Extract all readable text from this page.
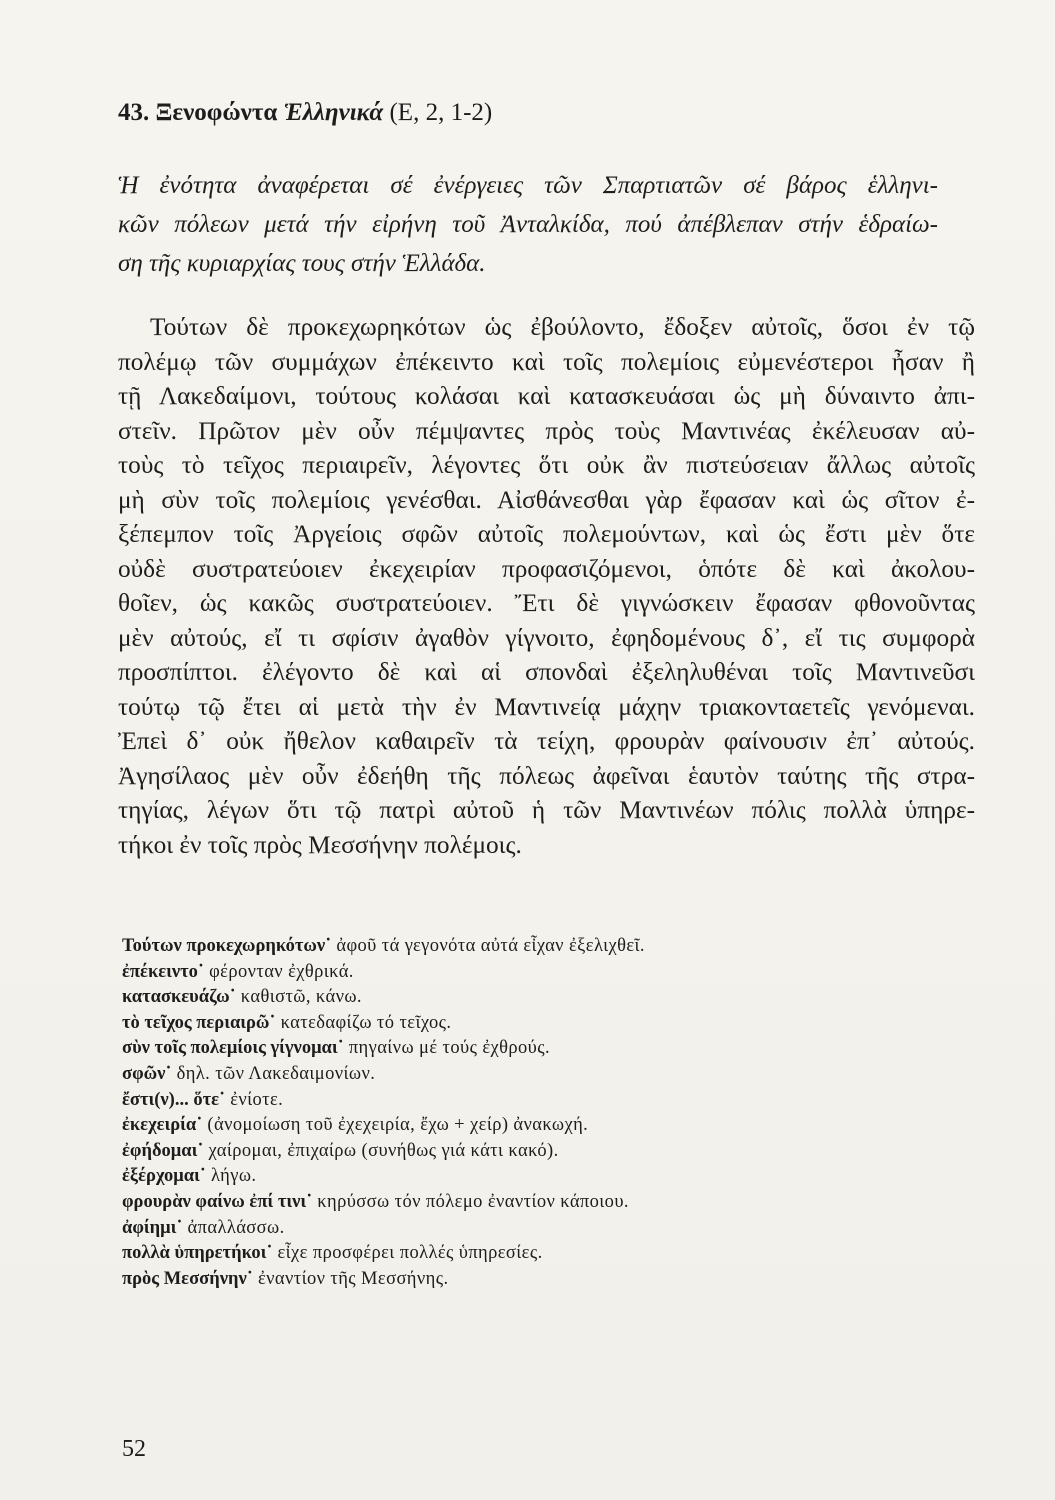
43. Ξενοφώντα Ἑλληνικά (Ε, 2, 1-2)
Ἡ ἐνότητα ἀναφέρεται σέ ἐνέργειες τῶν Σπαρτιατῶν σέ βάρος ἑλληνι-
κῶν πόλεων μετά τήν εἰρήνη τοῦ Ἀνταλκίδα, πού ἀπέβλεπαν στήν ἑδραίω-
ση τῆς κυριαρχίας τους στήν Ἑλλάδα.
Τούτων δὲ προκεχωρηκότων ὡς ἐβούλοντο, ἔδοξεν αὐτοῖς, ὅσοι ἐν τῷ
πολέμῳ τῶν συμμάχων ἐπέκειντο καὶ τοῖς πολεμίοις εὐμενέστεροι ἦσαν ἢ
τῇ Λακεδαίμονι, τούτους κολάσαι καὶ κατασκευάσαι ὡς μὴ δύναιντο ἀπι-
στεῖν. Πρῶτον μὲν οὖν πέμψαντες πρὸς τοὺς Μαντινέας ἐκέλευσαν αὐ-
τοὺς τὸ τεῖχος περιαιρεῖν, λέγοντες ὅτι οὐκ ἂν πιστεύσειαν ἄλλως αὐτοῖς
μὴ σὺν τοῖς πολεμίοις γενέσθαι. Αἰσθάνεσθαι γὰρ ἔφασαν καὶ ὡς σῖτον ἐ-
ξέπεμπον τοῖς Ἀργείοις σφῶν αὐτοῖς πολεμούντων, καὶ ὡς ἔστι μὲν ὅτε
οὐδὲ συστρατεύοιεν ἐκεχειρίαν προφασιζόμενοι, ὁπότε δὲ καὶ ἀκολου-
θοῖεν, ὡς κακῶς συστρατεύοιεν. Ἔτι δὲ γιγνώσκειν ἔφασαν φθονοῦντας
μὲν αὐτούς, εἴ τι σφίσιν ἀγαθὸν γίγνοιτο, ἐφηδομένους δ᾽, εἴ τις συμφορὰ
προσπίπτοι. ἐλέγοντο δὲ καὶ αἱ σπονδαὶ ἐξεληλυθέναι τοῖς Μαντινεῦσι
τούτῳ τῷ ἔτει αἱ μετὰ τὴν ἐν Μαντινείᾳ μάχην τριακονταετεῖς γενόμεναι.
Ἐπεὶ δ᾽ οὐκ ἤθελον καθαιρεῖν τὰ τείχη, φρουρὰν φαίνουσιν ἐπ᾽ αὐτούς.
Ἀγησίλαος μὲν οὖν ἐδεήθη τῆς πόλεως ἀφεῖναι ἑαυτὸν ταύτης τῆς στρα-
τηγίας, λέγων ὅτι τῷ πατρὶ αὐτοῦ ἡ τῶν Μαντινέων πόλις πολλὰ ὑπηρε-
τήκοι ἐν τοῖς πρὸς Μεσσήνην πολέμοις.
Τούτων προκεχωρηκότων˙ ἀφοῦ τά γεγονότα αὐτά εἶχαν ἐξελιχθεῖ.
ἐπέκειντο˙ φέρονταν ἐχθρικά.
κατασκευάζω˙ καθιστῶ, κάνω.
τὸ τεῖχος περιαιρῶ˙ κατεδαφίζω τό τεῖχος.
σὺν τοῖς πολεμίοις γίγνομαι˙ πηγαίνω μέ τούς ἐχθρούς.
σφῶν˙ δηλ. τῶν Λακεδαιμονίων.
ἔστι(ν)... ὅτε˙ ἐνίοτε.
ἐκεχειρία˙ (ἀνομοίωση τοῦ ἐχεχειρία, ἔχω + χείρ) ἀνακωχή.
ἐφήδομαι˙ χαίρομαι, ἐπιχαίρω (συνήθως γιά κάτι κακό).
ἐξέρχομαι˙ λήγω.
φρουρὰν φαίνω ἐπί τινι˙ κηρύσσω τόν πόλεμο ἐναντίον κάποιου.
ἀφίημι˙ ἀπαλλάσσω.
πολλὰ ὑπηρετήκοι˙ εἶχε προσφέρει πολλές ὑπηρεσίες.
πρὸς Μεσσήνην˙ ἐναντίον τῆς Μεσσήνης.
52
